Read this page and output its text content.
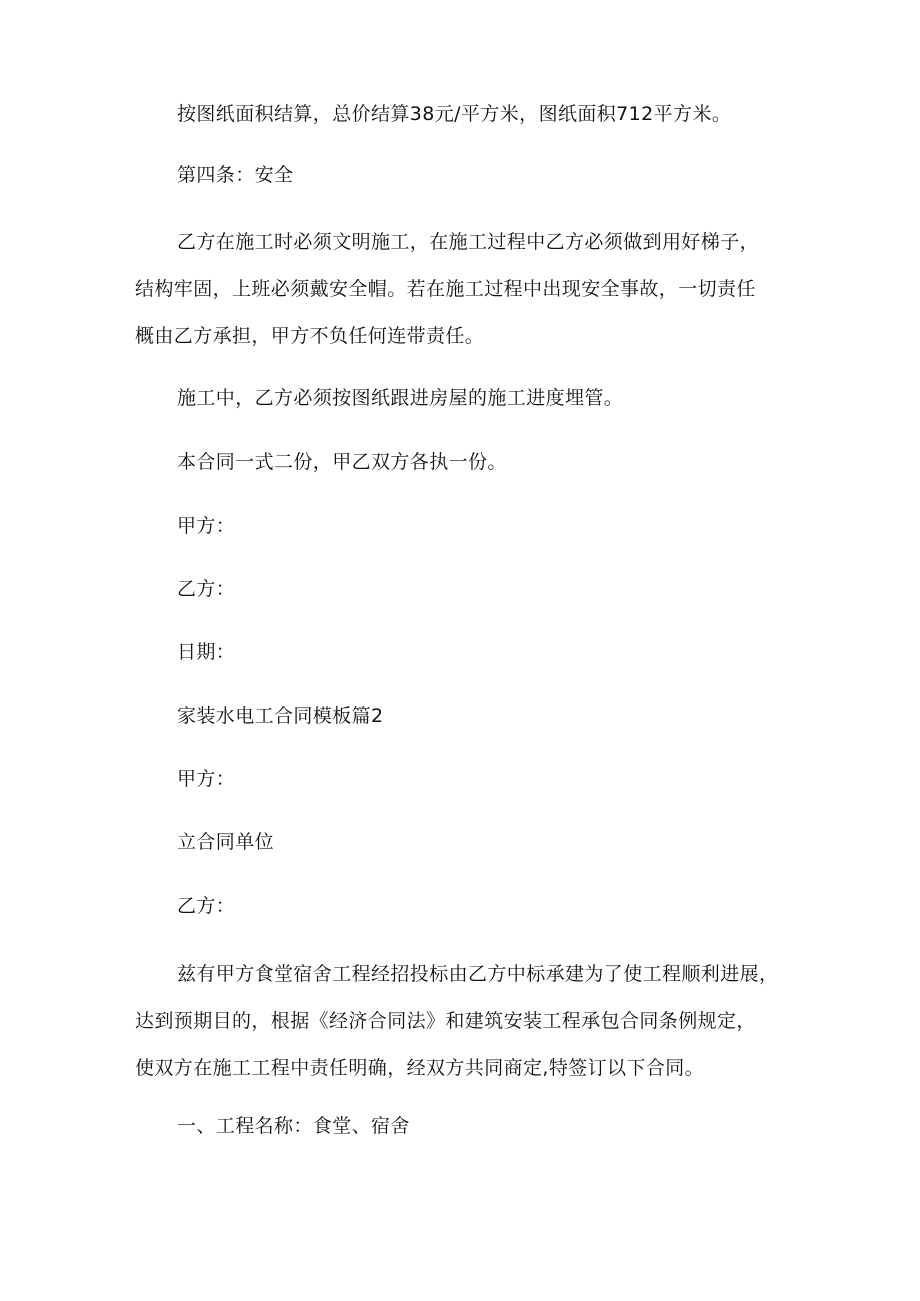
按图纸面积结算，总价结算38元/平方米，图纸面积712平方米。
第四条：安全
乙方在施工时必须文明施工，在施工过程中乙方必须做到用好梯子，
结构牢固，上班必须戴安全帽。若在施工过程中出现安全事故，一切责任
概由乙方承担，甲方不负任何连带责任。
施工中，乙方必须按图纸跟进房屋的施工进度埋管。
本合同一式二份，甲乙双方各执一份。
甲方：
乙方：
日期：
家装水电工合同模板篇2
甲方：
立合同单位
乙方：
兹有甲方食堂宿舍工程经招投标由乙方中标承建为了使工程顺利进展，
达到预期目的，根据《经济合同法》和建筑安装工程承包合同条例规定，
使双方在施工工程中责任明确，经双方共同商定,特签订以下合同。
一、工程名称：食堂、宿舍
